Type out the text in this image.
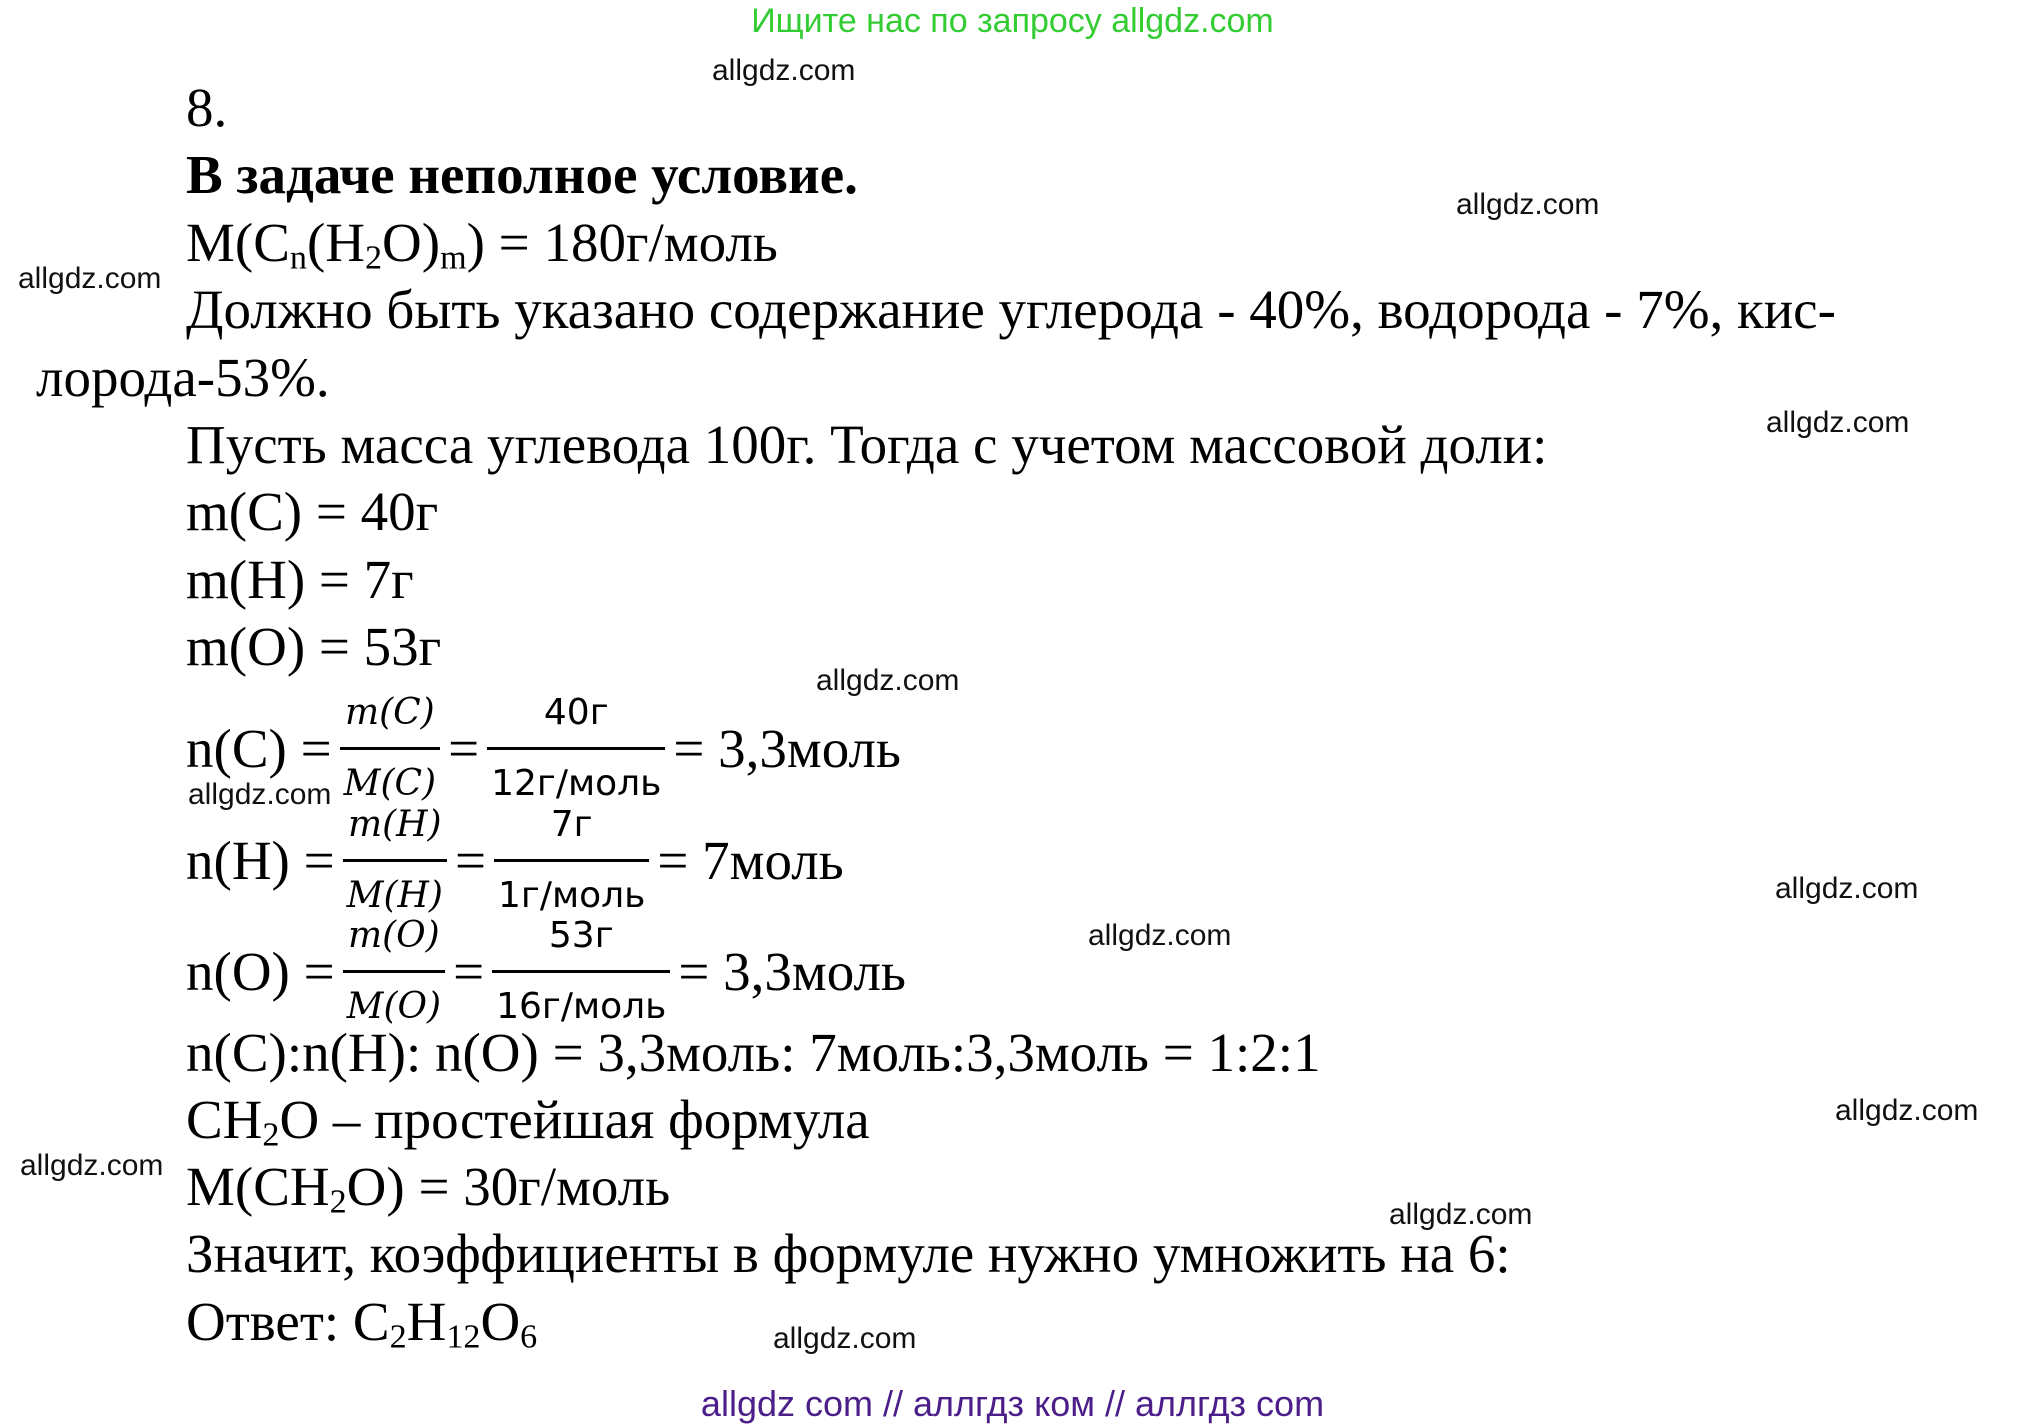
Ищите нас по запросу allgdz.com
allgdz.com
allgdz.com
allgdz.com
allgdz.com
allgdz.com
allgdz.com
allgdz.com
allgdz.com
allgdz.com
allgdz.com
allgdz.com
allgdz.com
8.
В задаче неполное условие.
$M(C_n(H_2O)_m)$ = 180г/моль
Должно быть указано содержание углерода - 40%, водорода - 7%, кис-
лорода-53%.
Пусть масса углевода 100г. Тогда с учетом массовой доли:
m(C) = 40г
m(H) = 7г
m(O) = 53г
$n(C) = \frac{m(C)}{M(C)} = \frac{40г}{\text{12г/моль}}$ = 3,3моль
$n(H) = \frac{m(H)}{M(H)} = \frac{7г}{\text{1г/моль}}$ = 7моль
$n(O) = \frac{m(O)}{M(O)} = \frac{53г}{\text{16г/моль}}$ = 3,3моль
n(C):n(H): n(O) = 3,3моль: 7моль:3,3моль = 1:2:1
$CH_2O$ – простейшая формула
$M(CH_2O)$ = 30г/моль
Значит, коэффициенты в формуле нужно умножить на 6:
Ответ: $C_2H_{12}O_6$
allgdz com // аллгдз ком // аллгдз com
